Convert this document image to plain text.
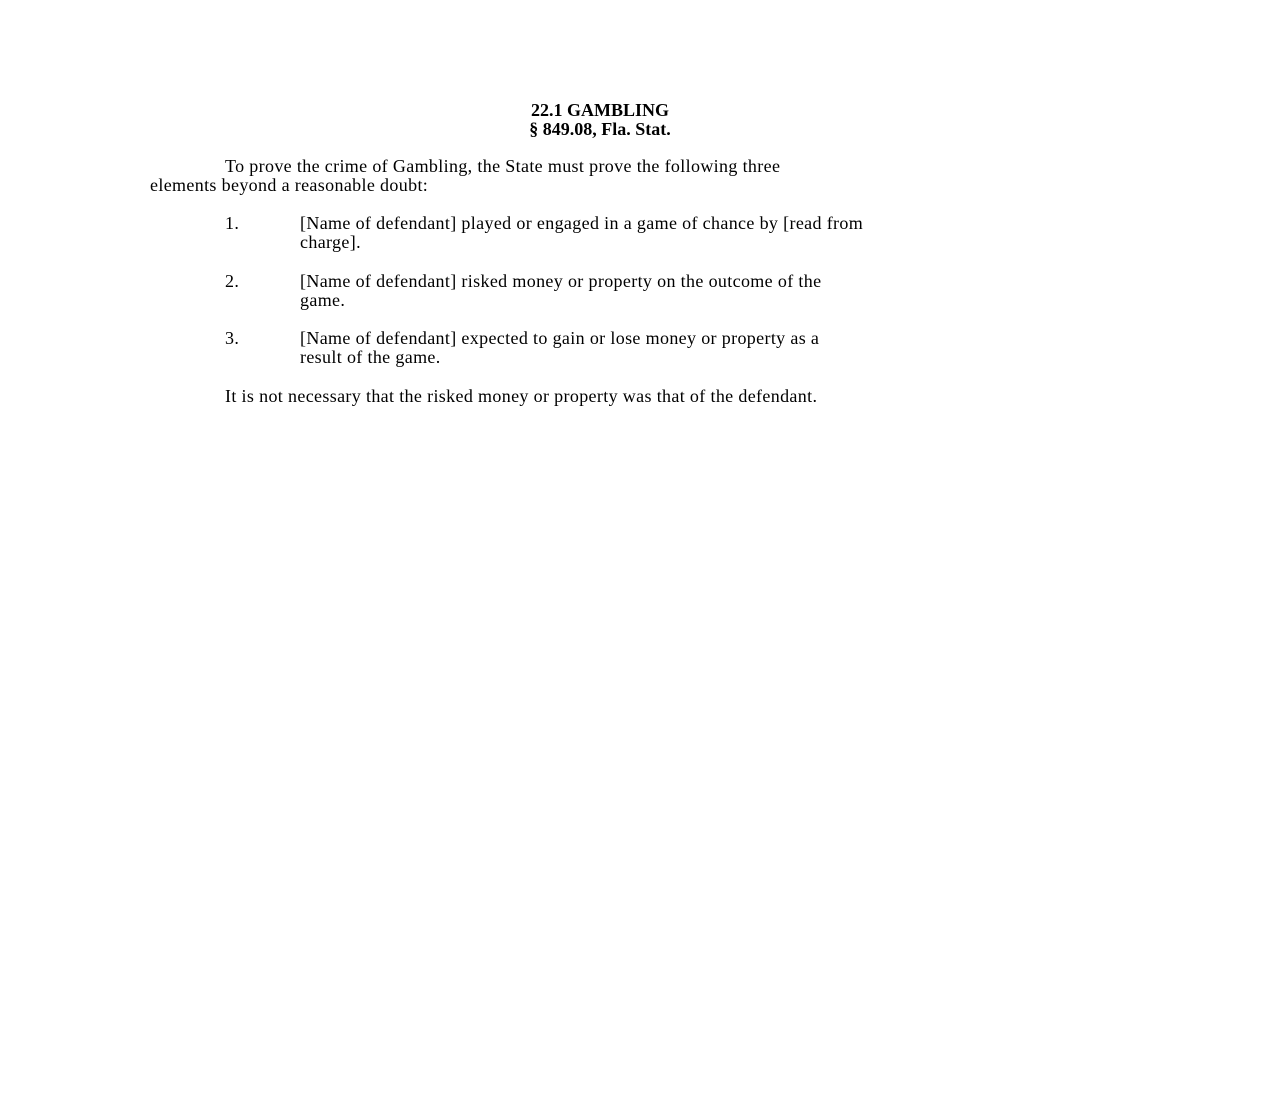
22.1 GAMBLING
§ 849.08, Fla. Stat.
To prove the crime of Gambling, the State must prove the following three
elements beyond a reasonable doubt:
1.	[Name of defendant] played or engaged in a game of chance by [read from
charge].
2.	[Name of defendant] risked money or property on the outcome of the
game.
3.	[Name of defendant] expected to gain or lose money or property as a
result of the game.
It is not necessary that the risked money or property was that of the defendant.
